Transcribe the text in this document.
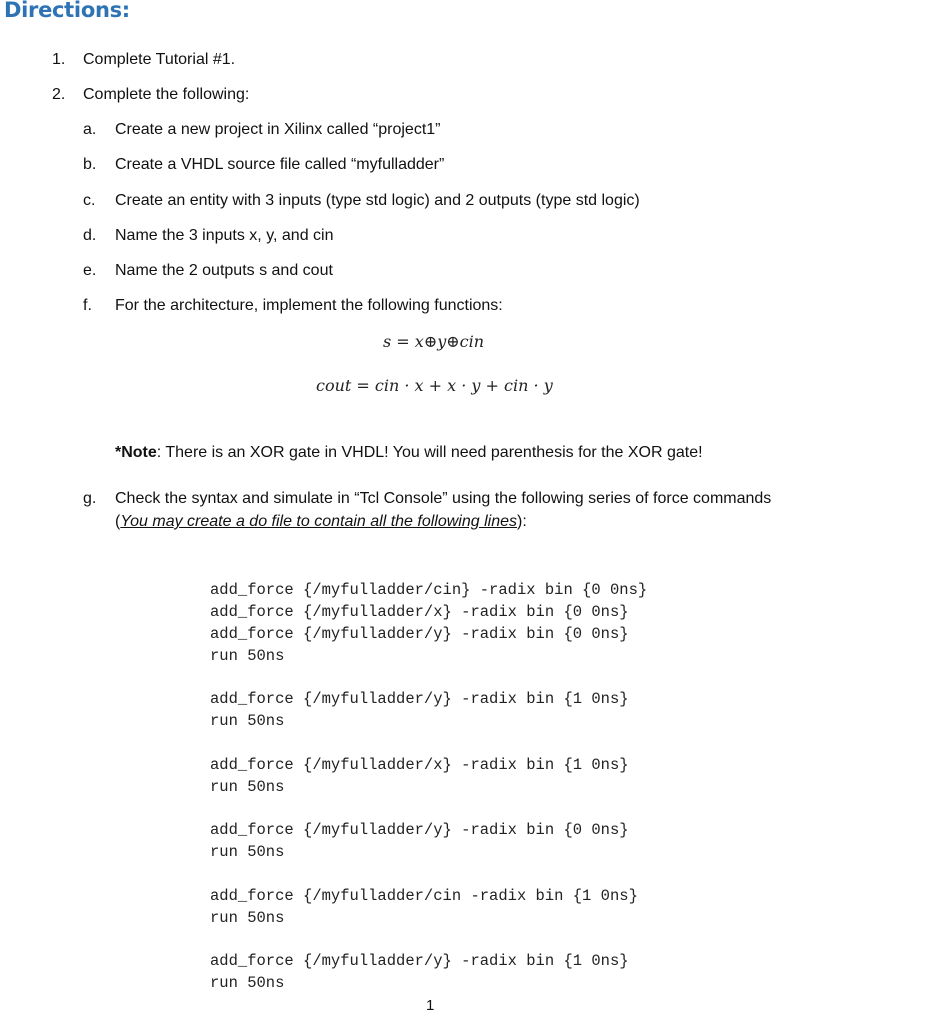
Directions:
1. Complete Tutorial #1.
2. Complete the following:
a. Create a new project in Xilinx called “project1”
b. Create a VHDL source file called “myfulladder”
c. Create an entity with 3 inputs (type std logic) and 2 outputs (type std logic)
d. Name the 3 inputs x, y, and cin
e. Name the 2 outputs s and cout
f. For the architecture, implement the following functions:
s = x⊕y⊕cin
cout = cin · x + x · y + cin · y
*Note: There is an XOR gate in VHDL! You will need parenthesis for the XOR gate!
g. Check the syntax and simulate in “Tcl Console” using the following series of force commands
(You may create a do file to contain all the following lines):

add_force {/myfulladder/cin} -radix bin {0 0ns}
add_force {/myfulladder/x} -radix bin {0 0ns}
add_force {/myfulladder/y} -radix bin {0 0ns}
run 50ns

add_force {/myfulladder/y} -radix bin {1 0ns}
run 50ns

add_force {/myfulladder/x} -radix bin {1 0ns}
run 50ns

add_force {/myfulladder/y} -radix bin {0 0ns}
run 50ns

add_force {/myfulladder/cin -radix bin {1 0ns}
run 50ns

add_force {/myfulladder/y} -radix bin {1 0ns}
run 50ns

1
